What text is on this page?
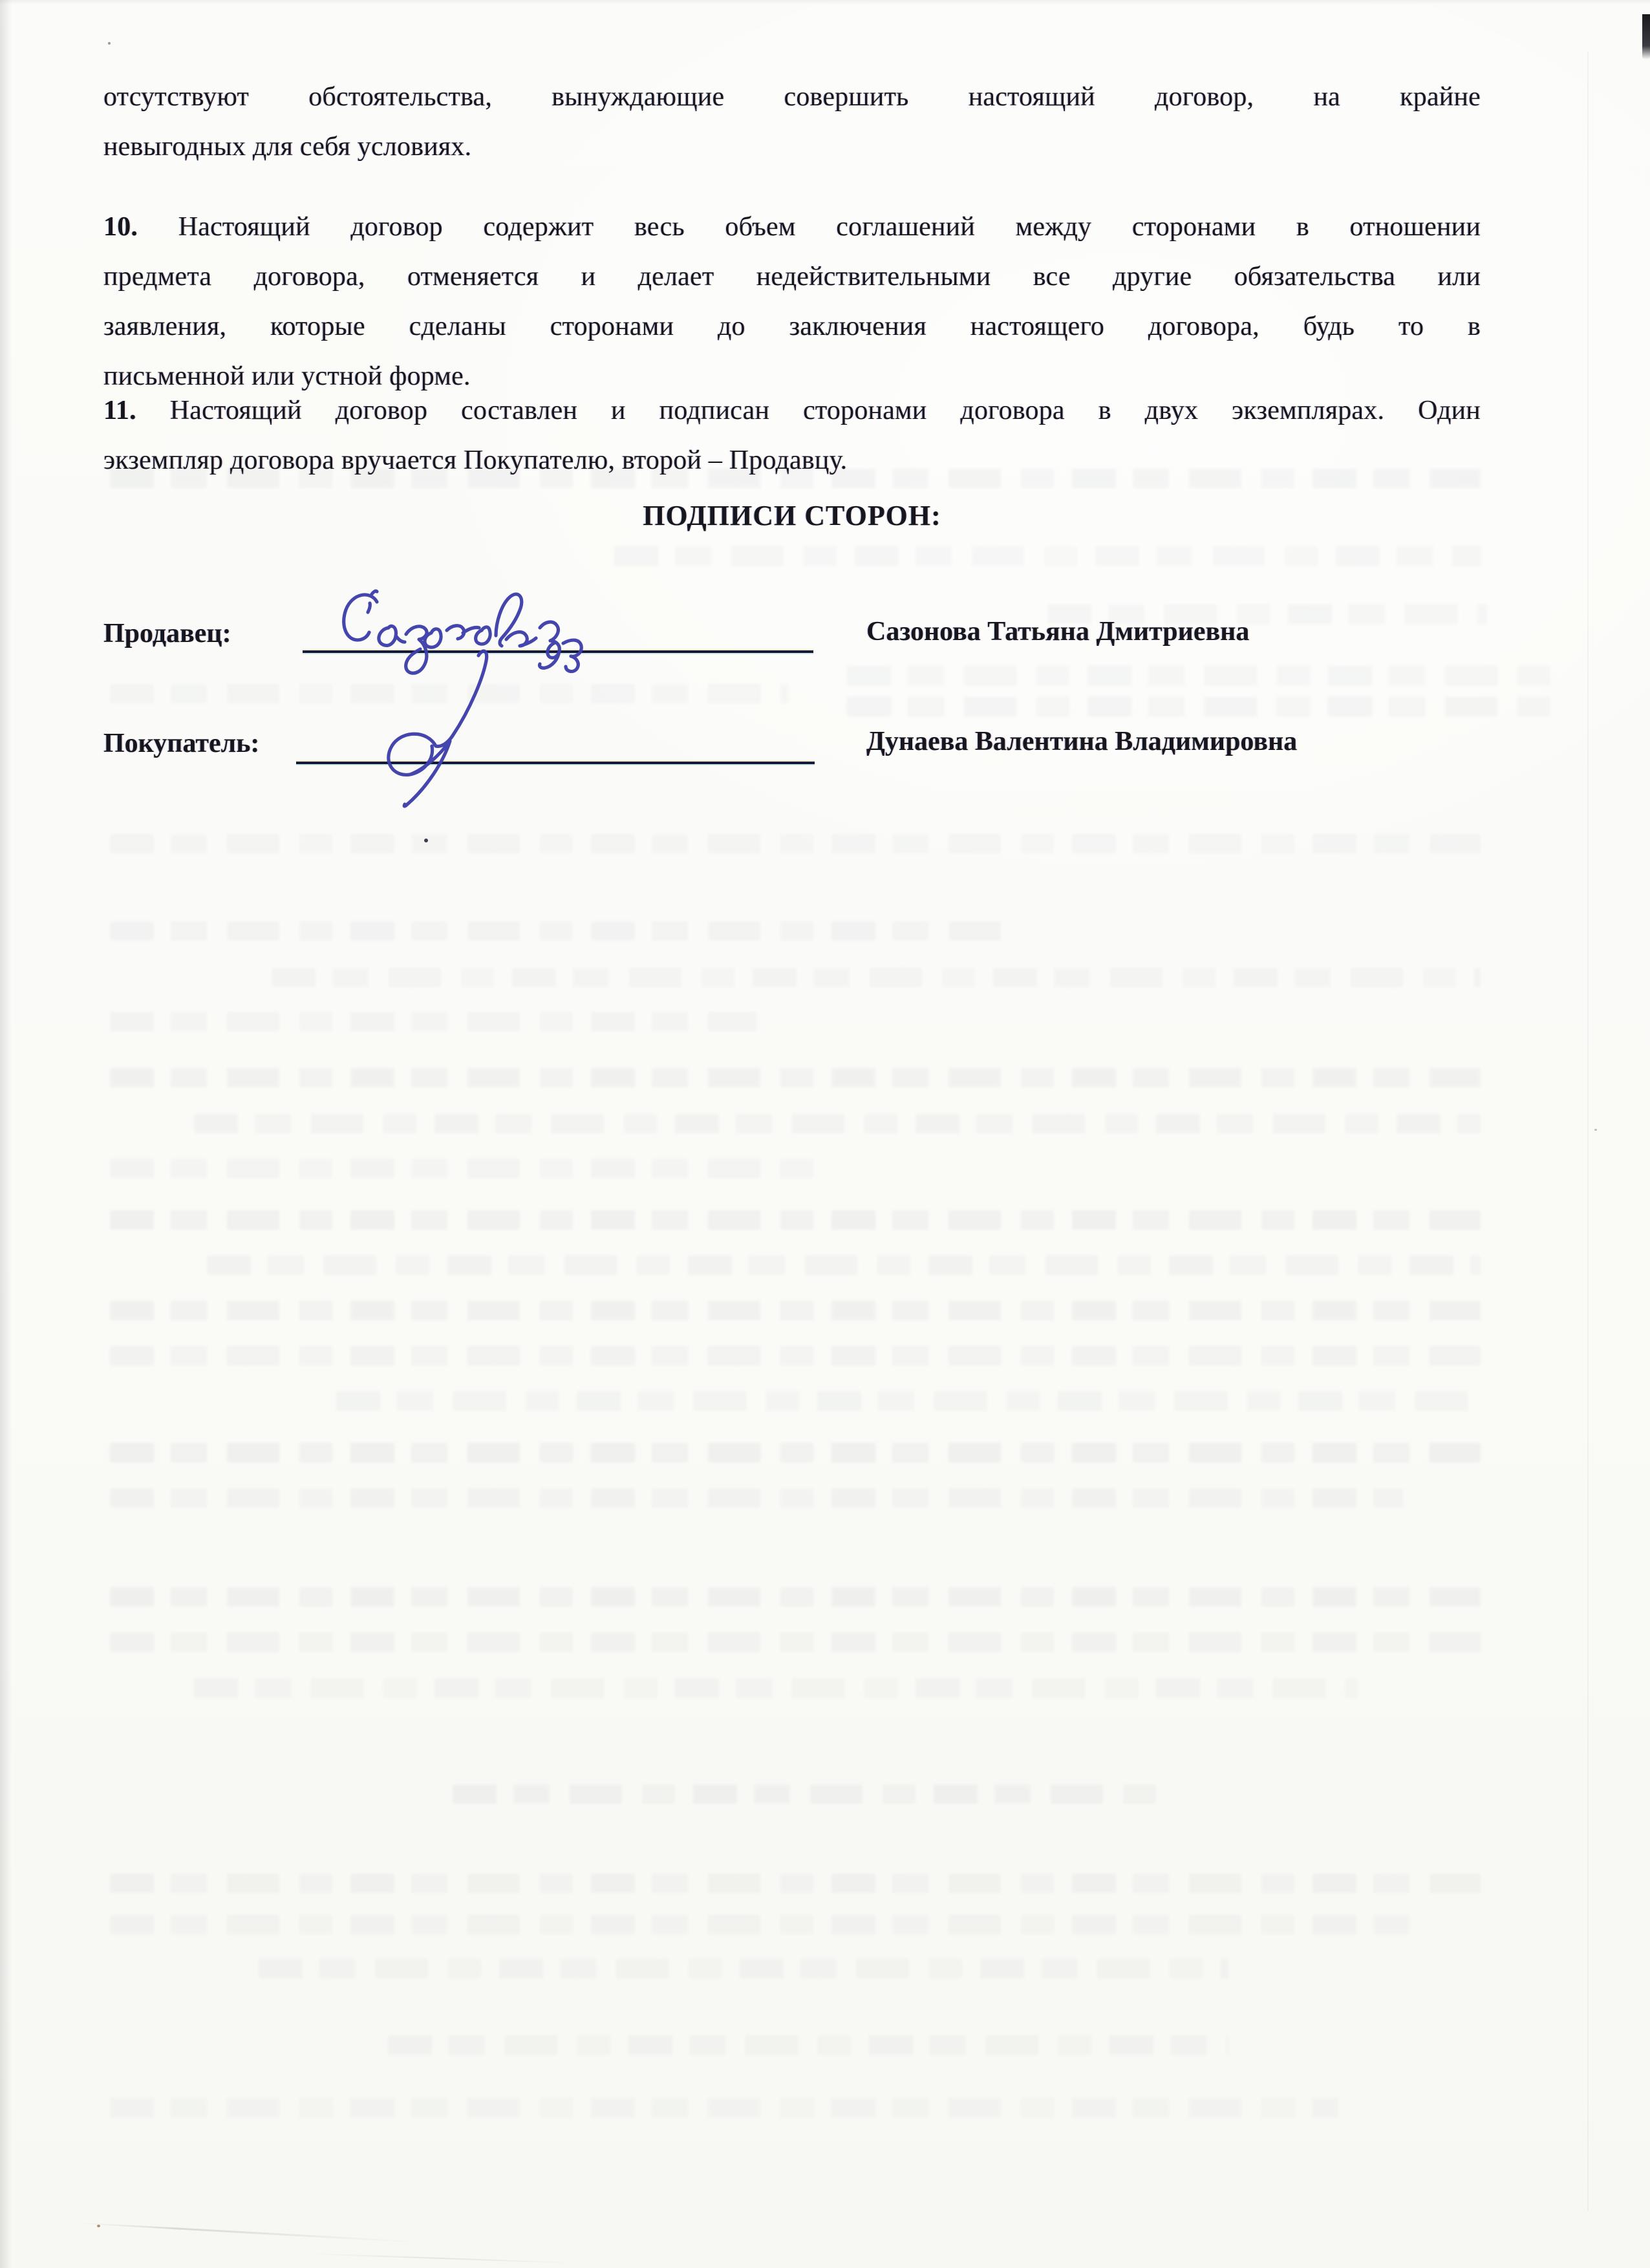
отсутствуют обстоятельства, вынуждающие совершить настоящий договор, на крайне
невыгодных для себя условиях.
10. Настоящий договор содержит весь объем соглашений между сторонами в отношении
предмета договора, отменяется и делает недействительными все другие обязательства или
заявления, которые сделаны сторонами до заключения настоящего договора, будь то в
письменной или устной форме.
11. Настоящий договор составлен и подписан сторонами договора в двух экземплярах. Один
экземпляр договора вручается Покупателю, второй – Продавцу.
ПОДПИСИ СТОРОН:
Продавец:	Сазонова Татьяна Дмитриевна
Покупатель:	Дунаева Валентина Владимировна
